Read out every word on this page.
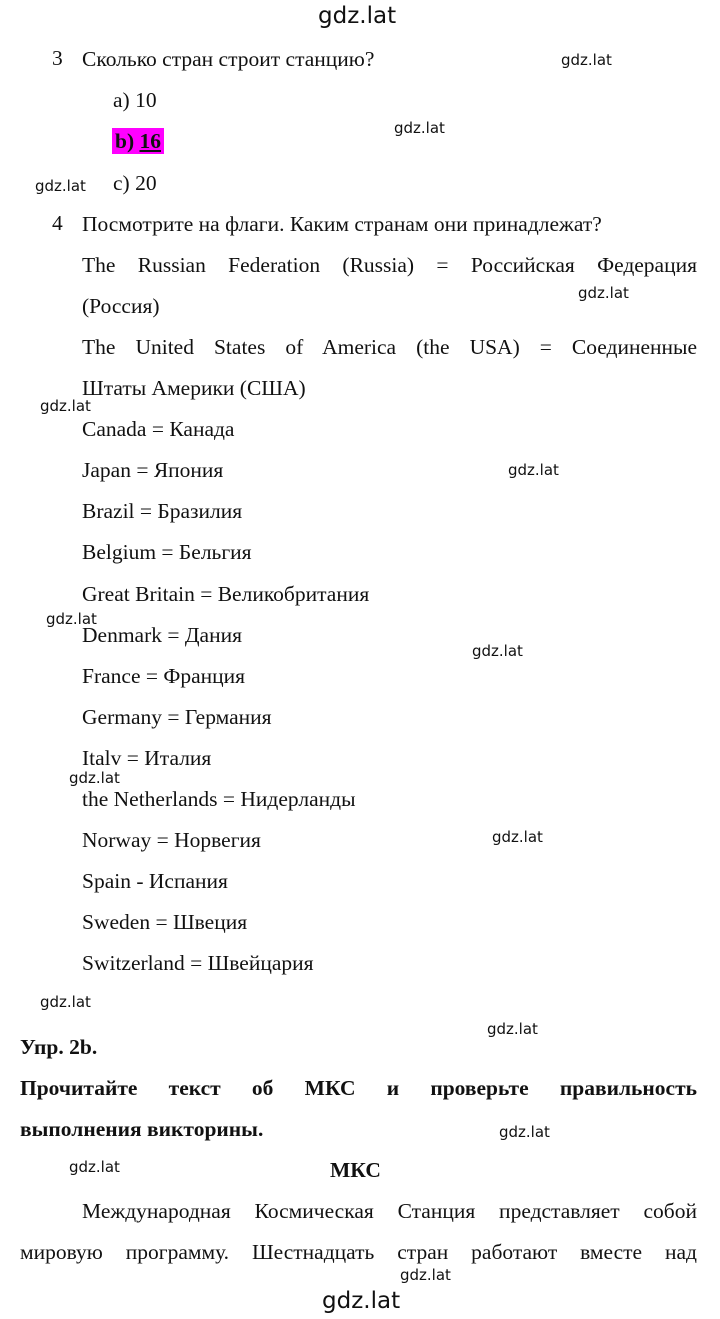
gdz.lat
gdz.lat
gdz.lat
gdz.lat
gdz.lat
gdz.lat
gdz.lat
gdz.lat
gdz.lat
gdz.lat
gdz.lat
gdz.lat
gdz.lat
gdz.lat
gdz.lat
gdz.lat
gdz.lat
3 Сколько стран строит станцию?
a) 10
b) 16
c) 20
4 Посмотрите на флаги. Каким странам они принадлежат?
The Russian Federation (Russia) = Российская Федерация
(Россия)
The United States of America (the USA) = Соединенные
Штаты Америки (США)
Canada = Канада
Japan = Япония
Brazil = Бразилия
Belgium = Бельгия
Great Britain = Великобритания
Denmark = Дания
France = Франция
Germany = Германия
Italv = Италия
the Netherlands = Нидерланды
Norway = Норвегия
Spain - Испания
Sweden = Швеция
Switzerland = Швейцария
Упр. 2b.
Прочитайте текст об МКС и проверьте правильность
выполнения викторины.
МКС
Международная Космическая Станция представляет собой
мировую программу. Шестнадцать стран работают вместе над
